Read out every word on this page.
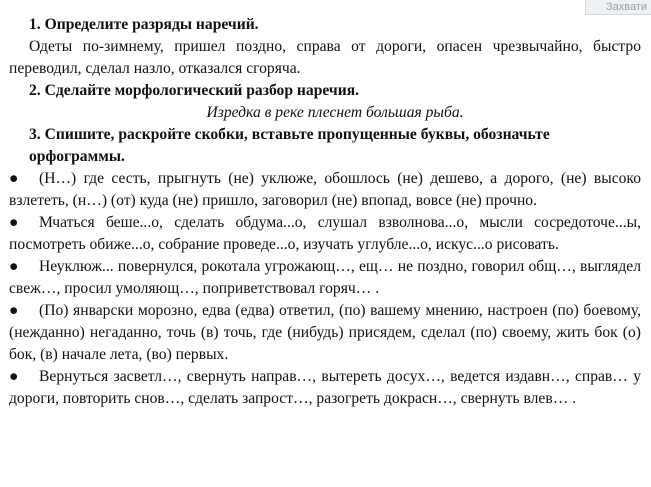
Захвати
1. Определите разряды наречий.

Одеты по-зимнему, пришел поздно, справа от дороги, опасен чрезвычайно, быстро переводил, сделал назло, отказался сгоряча.

2. Сделайте морфологический разбор наречия.

Изредка в реке плеснет большая рыба.

3. Спишите, раскройте скобки, вставьте пропущенные буквы, обозначьте орфограммы.

● (Н…) где сесть, прыгнуть (не) уклюже, обошлось (не) дешево, а дорого, (не) высоко взлететь, (н…) (от) куда (не) пришло, заговорил (не) впопад, вовсе (не) прочно.

● Мчаться беше...о, сделать обдума...о, слушал взволнова...о, мысли сосредоточе...ы, посмотреть обиже...о, собрание проведе...о, изучать углубле...о, искус...о рисовать.

● Неуклюж... повернулся, рокотала угрожающ…, ещ… не поздно, говорил общ…, выглядел свеж…, просил умоляющ…, поприветствовал горяч… .

● (По) январски морозно, едва (едва) ответил, (по) вашему мнению, настроен (по) боевому, (нежданно) негаданно, точь (в) точь, где (нибудь) присядем, сделал (по) своему, жить бок (о) бок, (в) начале лета, (во) первых.

● Вернуться засветл…, свернуть направ…, вытереть досух…, ведется издавн…, справ… у дороги, повторить снов…, сделать запрост…, разогреть докрасн…, свернуть влев… .
